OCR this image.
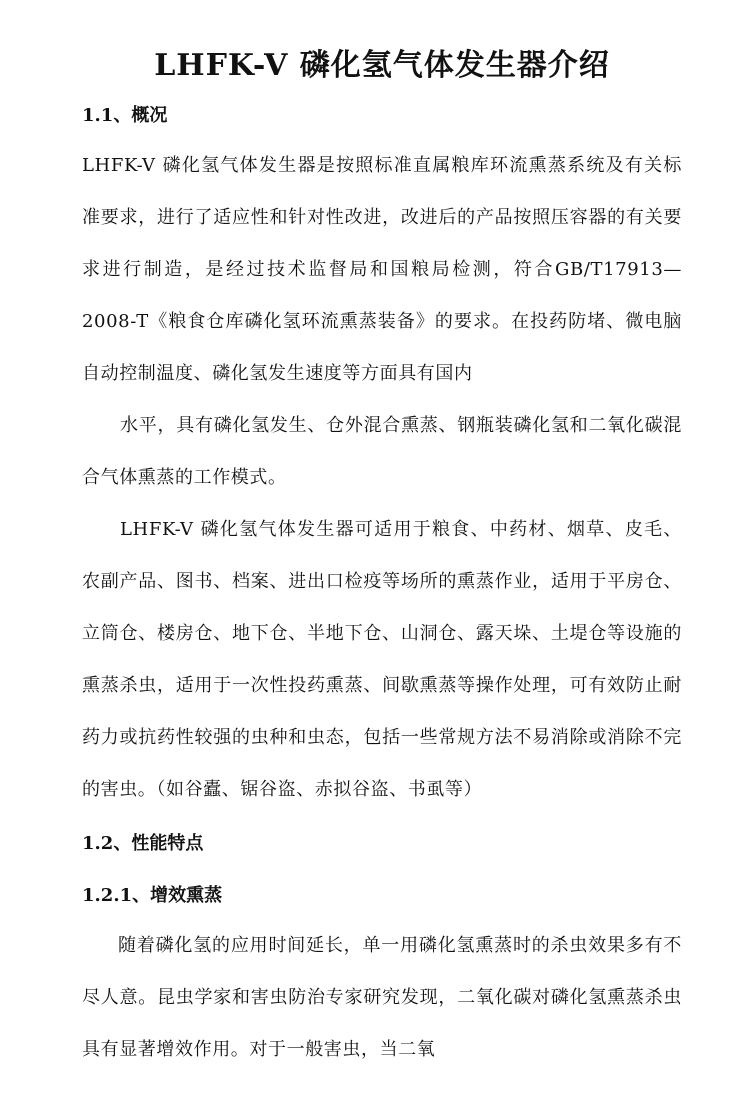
LHFK-V 磷化氢气体发生器介绍
1.1、概况

LHFK-V 磷化氢气体发生器是按照标准直属粮库环流熏蒸系统及有关标准要求，进行了适应性和针对性改进，改进后的产品按照压容器的有关要求进行制造，是经过技术监督局和国粮局检测，符合GB/T17913—2008-T《粮食仓库磷化氢环流熏蒸装备》的要求。在投药防堵、微电脑自动控制温度、磷化氢发生速度等方面具有国内

水平，具有磷化氢发生、仓外混合熏蒸、钢瓶装磷化氢和二氧化碳混合气体熏蒸的工作模式。

LHFK-V 磷化氢气体发生器可适用于粮食、中药材、烟草、皮毛、农副产品、图书、档案、进出口检疫等场所的熏蒸作业，适用于平房仓、立筒仓、楼房仓、地下仓、半地下仓、山洞仓、露天垛、土堤仓等设施的熏蒸杀虫，适用于一次性投药熏蒸、间歇熏蒸等操作处理，可有效防止耐药力或抗药性较强的虫种和虫态，包括一些常规方法不易消除或消除不完的害虫。（如谷蠹、锯谷盗、赤拟谷盗、书虱等）

1.2、性能特点
1.2.1、增效熏蒸

随着磷化氢的应用时间延长，单一用磷化氢熏蒸时的杀虫效果多有不尽人意。昆虫学家和害虫防治专家研究发现，二氧化碳对磷化氢熏蒸杀虫具有显著增效作用。对于一般害虫，当二氧
